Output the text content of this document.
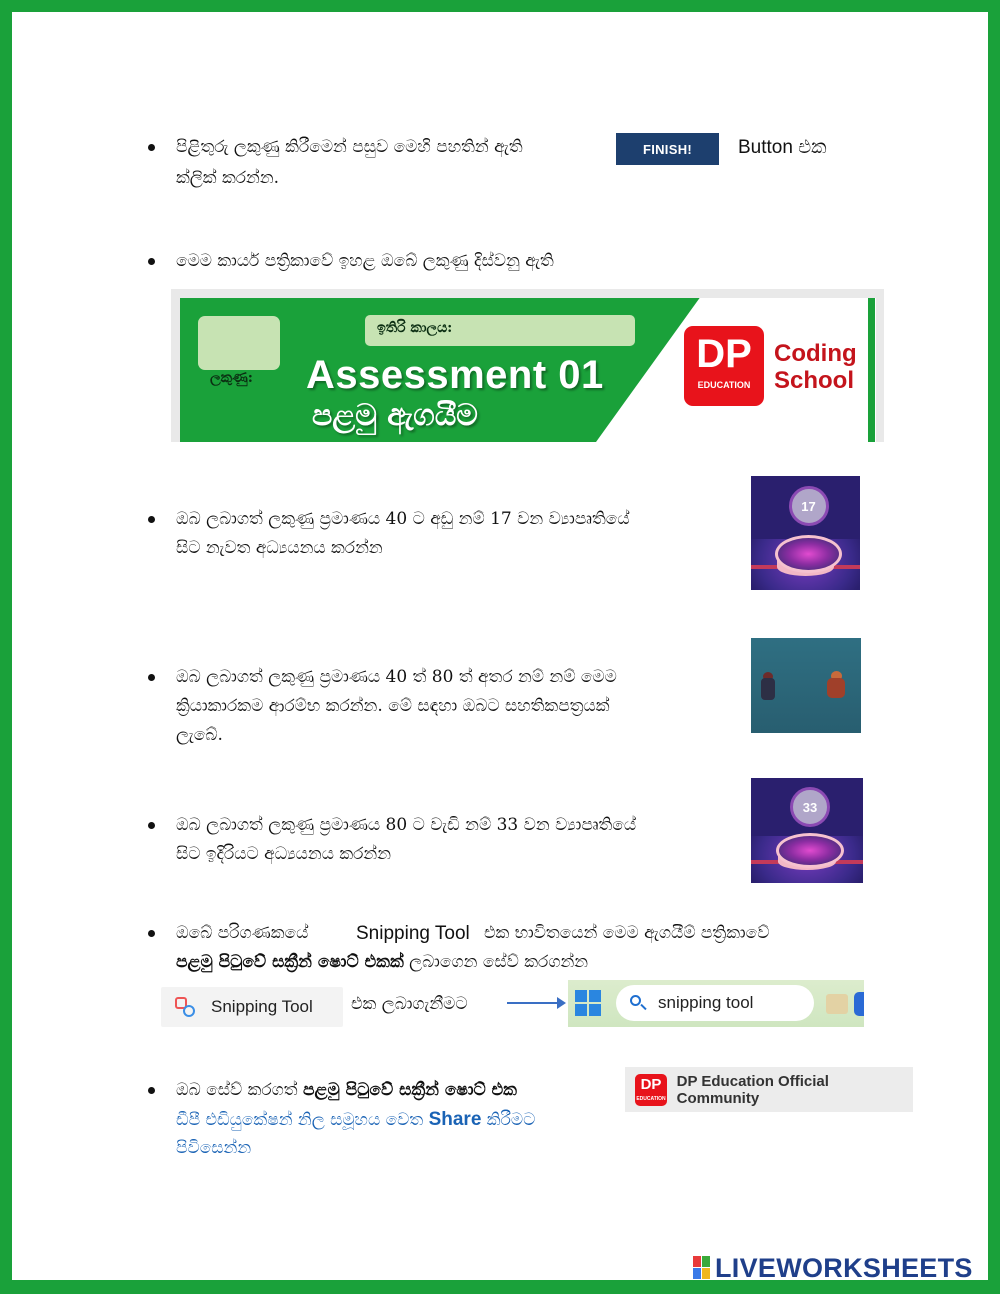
පිළිතුරු ලකුණු කිරීමෙන් පසුව මෙහි පහතින් ඇති	FINISH!	Button එක
ක්ලික් කරන්න.
මෙම කාර්ය පත්‍රිකාවේ ඉහළ ඔබේ ලකුණු දිස්වනු ඇති
ලකුණු:
ඉතිරි කාලය:
Assessment 01
පළමු ඇගයීම
DP
EDUCATION
Coding
School
ඔබ ලබාගත් ලකුණු ප්‍රමාණය 40 ට අඩු නම් 17 වන ව්‍යාපෘතියේ
සිට නැවත අධ්‍යයනය කරන්න
17
ඔබ ලබාගත් ලකුණු ප්‍රමාණය 40 ත් 80 ත් අතර නම් නම් මෙම
ක්‍රියාකාරකම ආරම්භ කරන්න. මේ සඳහා ඔබට සහතිකපත්‍රයක්
ලැබේ.
ඔබ ලබාගත් ලකුණු ප්‍රමාණය 80 ට වැඩි නම් 33 වන ව්‍යාපෘතියේ
සිට ඉදිරියට අධ්‍යයනය කරන්න
33
ඔබේ පරිගණකයේ	Snipping Tool එක භාවිතයෙන් මෙම ඇගයීම් පත්‍රිකාවේ
පළමු පිටුවේ සක්‍රීන් ෂොට් එකක් ලබාගෙන සේව් කරගන්න
Snipping Tool එක ලබාගැනීමට	snipping tool
ඔබ සේව් කරගත් පළමු පිටුවේ සක්‍රීන් ෂොට් එක
ඩීපී එඩියුකේෂන් නිල සමූහය වෙත Share කිරීමට
පිවිසෙන්න
DP
EDUCATION
DP Education Official Community
LIVEWORKSHEETS
